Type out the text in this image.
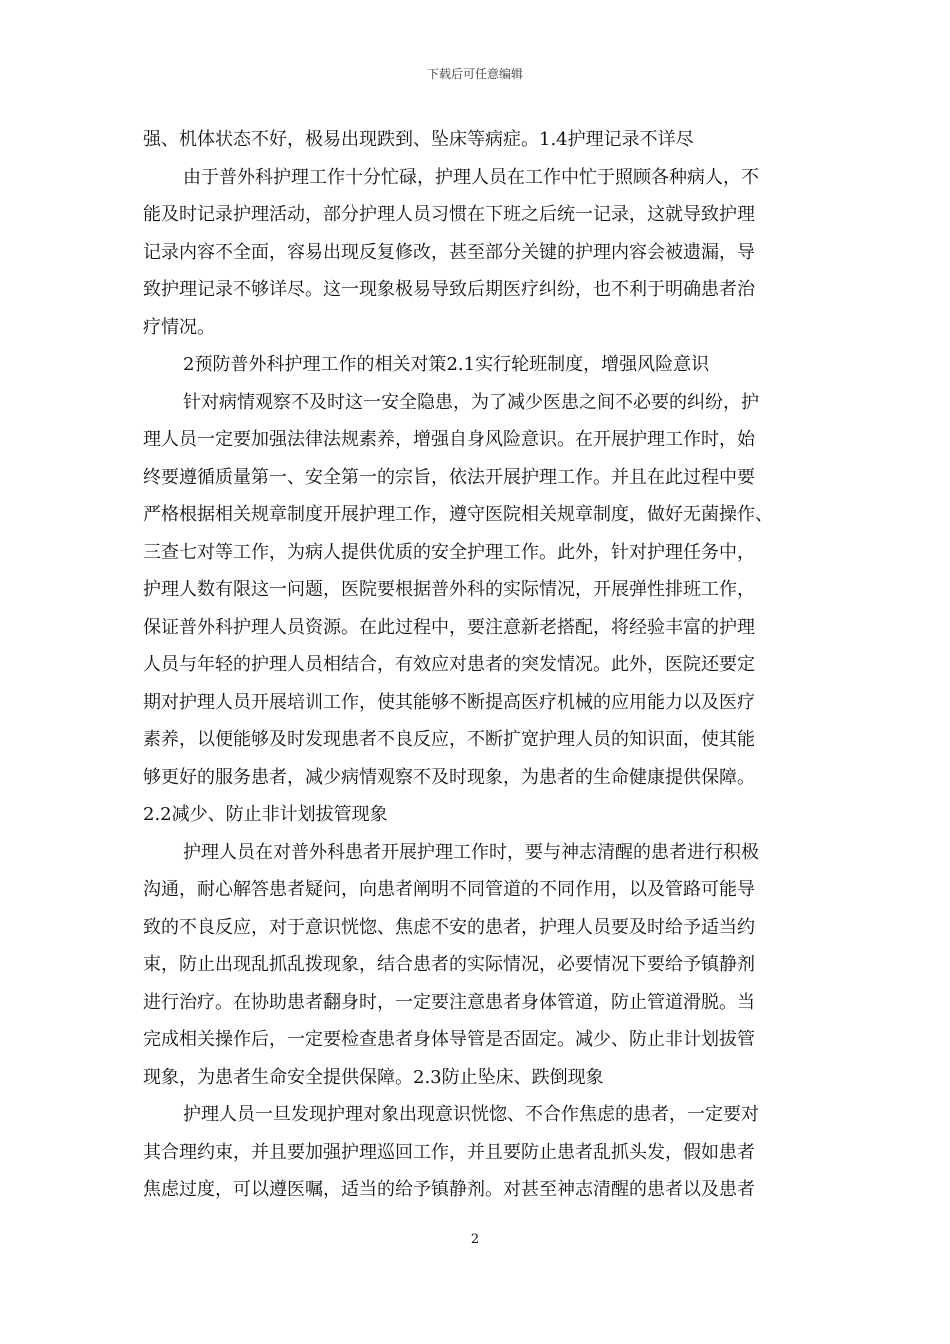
下载后可任意编辑
强、机体状态不好，极易出现跌到、坠床等病症。1.4护理记录不详尽
由于普外科护理工作十分忙碌，护理人员在工作中忙于照顾各种病人，不
能及时记录护理活动，部分护理人员习惯在下班之后统一记录，这就导致护理
记录内容不全面，容易出现反复修改，甚至部分关键的护理内容会被遗漏，导
致护理记录不够详尽。这一现象极易导致后期医疗纠纷，也不利于明确患者治
疗情况。
2预防普外科护理工作的相关对策2.1实行轮班制度，增强风险意识
针对病情观察不及时这一安全隐患，为了减少医患之间不必要的纠纷，护
理人员一定要加强法律法规素养，增强自身风险意识。在开展护理工作时，始
终要遵循质量第一、安全第一的宗旨，依法开展护理工作。并且在此过程中要
严格根据相关规章制度开展护理工作，遵守医院相关规章制度，做好无菌操作、
三查七对等工作，为病人提供优质的安全护理工作。此外，针对护理任务中，
护理人数有限这一问题，医院要根据普外科的实际情况，开展弹性排班工作，
保证普外科护理人员资源。在此过程中，要注意新老搭配，将经验丰富的护理
人员与年轻的护理人员相结合，有效应对患者的突发情况。此外，医院还要定
期对护理人员开展培训工作，使其能够不断提高医疗机械的应用能力以及医疗
素养，以便能够及时发现患者不良反应，不断扩宽护理人员的知识面，使其能
够更好的服务患者，减少病情观察不及时现象，为患者的生命健康提供保障。
2.2减少、防止非计划拔管现象
护理人员在对普外科患者开展护理工作时，要与神志清醒的患者进行积极
沟通，耐心解答患者疑问，向患者阐明不同管道的不同作用，以及管路可能导
致的不良反应，对于意识恍惚、焦虑不安的患者，护理人员要及时给予适当约
束，防止出现乱抓乱拨现象，结合患者的实际情况，必要情况下要给予镇静剂
进行治疗。在协助患者翻身时，一定要注意患者身体管道，防止管道滑脱。当
完成相关操作后，一定要检查患者身体导管是否固定。减少、防止非计划拔管
现象，为患者生命安全提供保障。2.3防止坠床、跌倒现象
护理人员一旦发现护理对象出现意识恍惚、不合作焦虑的患者，一定要对
其合理约束，并且要加强护理巡回工作，并且要防止患者乱抓头发，假如患者
焦虑过度，可以遵医嘱，适当的给予镇静剂。对甚至神志清醒的患者以及患者
2
